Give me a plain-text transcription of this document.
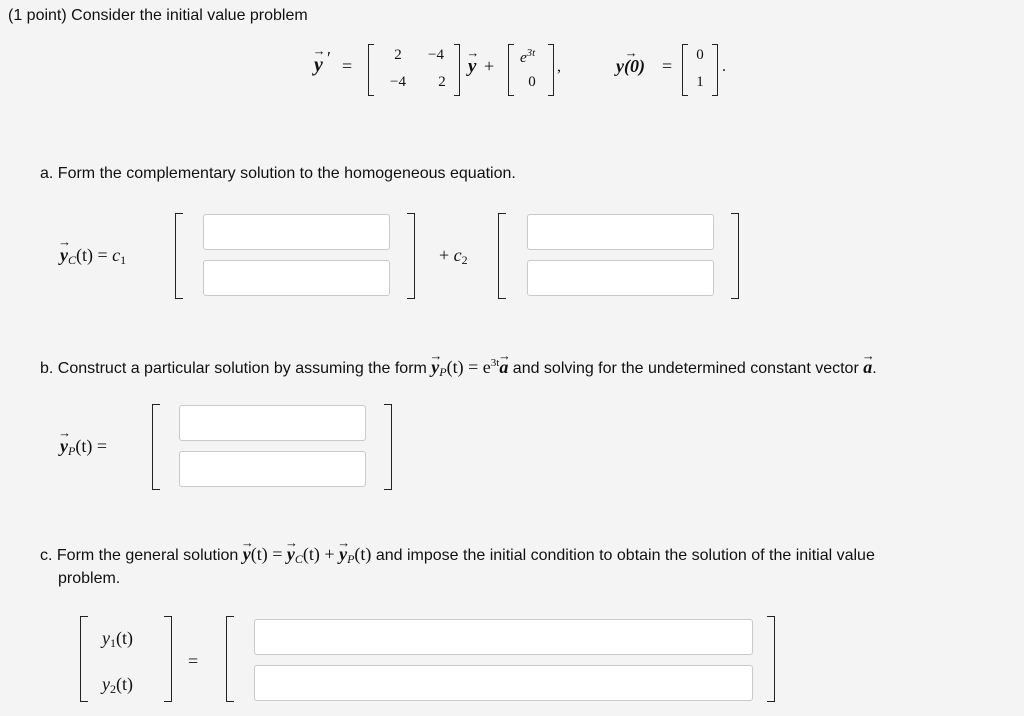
(1 point) Consider the initial value problem
→ y ′ =
2	−4
−4	2
→ $y + e^{3t}$
0
,
→	y(0) =
0
1
.
a. Form the complementary solution to the homogeneous equation.
→ $y_C(t) = c_1$	+ $c_2$
b. Construct a particular solution by assuming the form → $y_P(t) = e^{3t}\to a$ and solving for the undetermined constant vector → a.
→ $y_P(t)$ =
c. Form the general solution → y(t) = → $y_C(t)$ + → $y_P(t)$ and impose the initial condition to obtain the solution of the initial value
problem.
$y_1(t)$
$y_2(t)$
=
